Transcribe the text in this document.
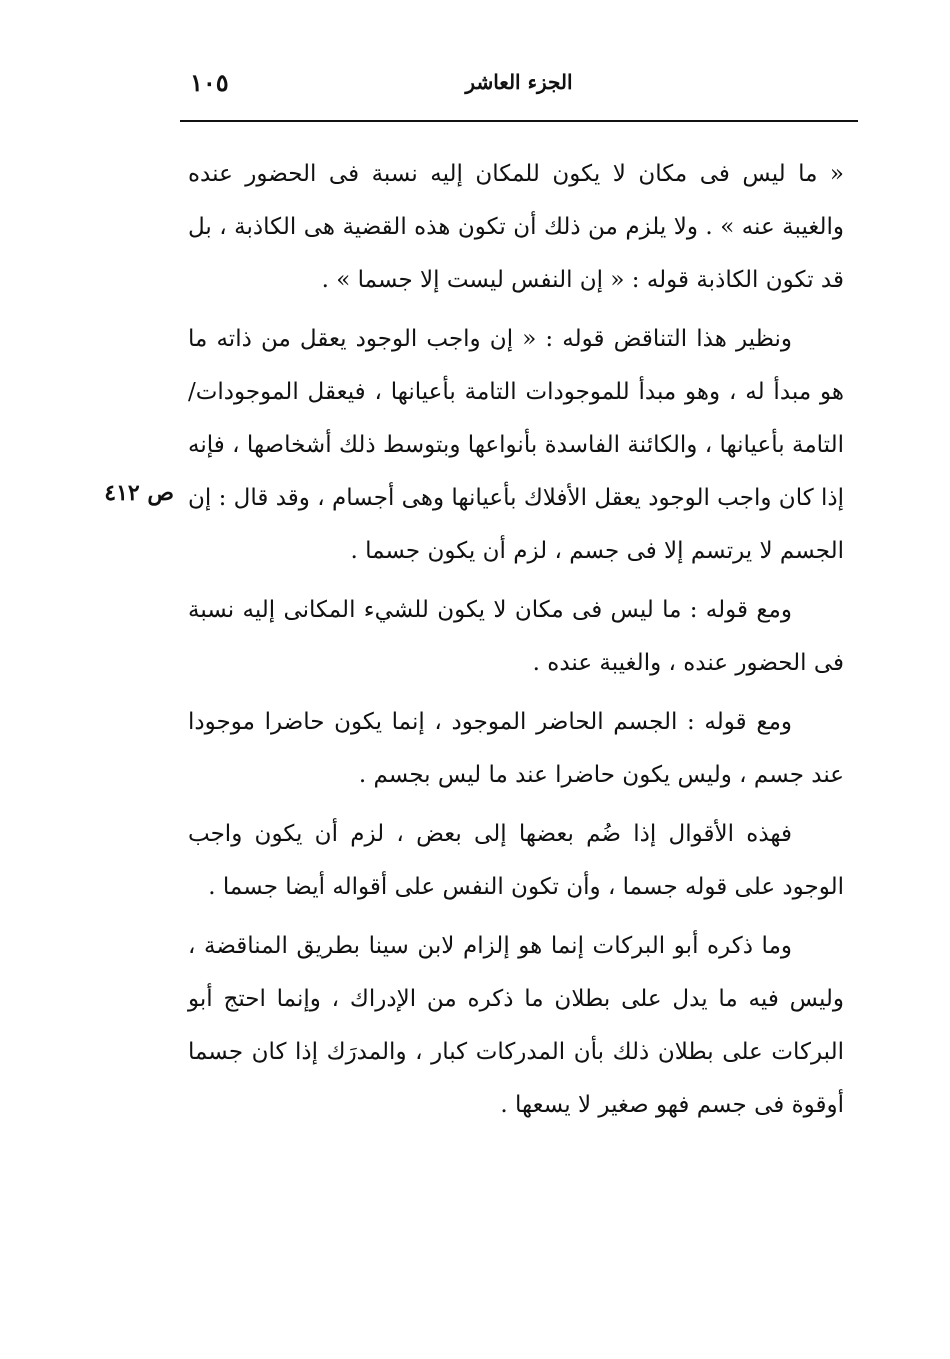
١٠٥	الجزء العاشر
ص ٤١٢

« ما ليس فى مكان لا يكون للمكان إليه نسبة فى الحضور عنده والغيبة عنه » . ولا يلزم من ذلك أن تكون هذه القضية هى الكاذبة ، بل قد تكون الكاذبة قوله : « إن النفس ليست إلا جسما » .

ونظير هذا التناقض قوله : « إن واجب الوجود يعقل من ذاته ما هو مبدأ له ، وهو مبدأ للموجودات التامة بأعيانها ، فيعقل الموجودات/التامة بأعيانها ، والكائنة الفاسدة بأنواعها وبتوسط ذلك أشخاصها ، فإنه إذا كان واجب الوجود يعقل الأفلاك بأعيانها وهى أجسام ، وقد قال : إن الجسم لا يرتسم إلا فى جسم ، لزم أن يكون جسما .

ومع قوله : ما ليس فى مكان لا يكون للشيء المكانى إليه نسبة فى الحضور عنده ، والغيبة عنده .

ومع قوله : الجسم الحاضر الموجود ، إنما يكون حاضرا موجودا عند جسم ، وليس يكون حاضرا عند ما ليس بجسم .

فهذه الأقوال إذا ضُم بعضها إلى بعض ، لزم أن يكون واجب الوجود على قوله جسما ، وأن تكون النفس على أقواله أيضا جسما .

وما ذكره أبو البركات إنما هو إلزام لابن سينا بطريق المناقضة ، وليس فيه ما يدل على بطلان ما ذكره من الإدراك ، وإنما احتج أبو البركات على بطلان ذلك بأن المدركات كبار ، والمدرَك إذا كان جسما أوقوة فى جسم فهو صغير لا يسعها .
